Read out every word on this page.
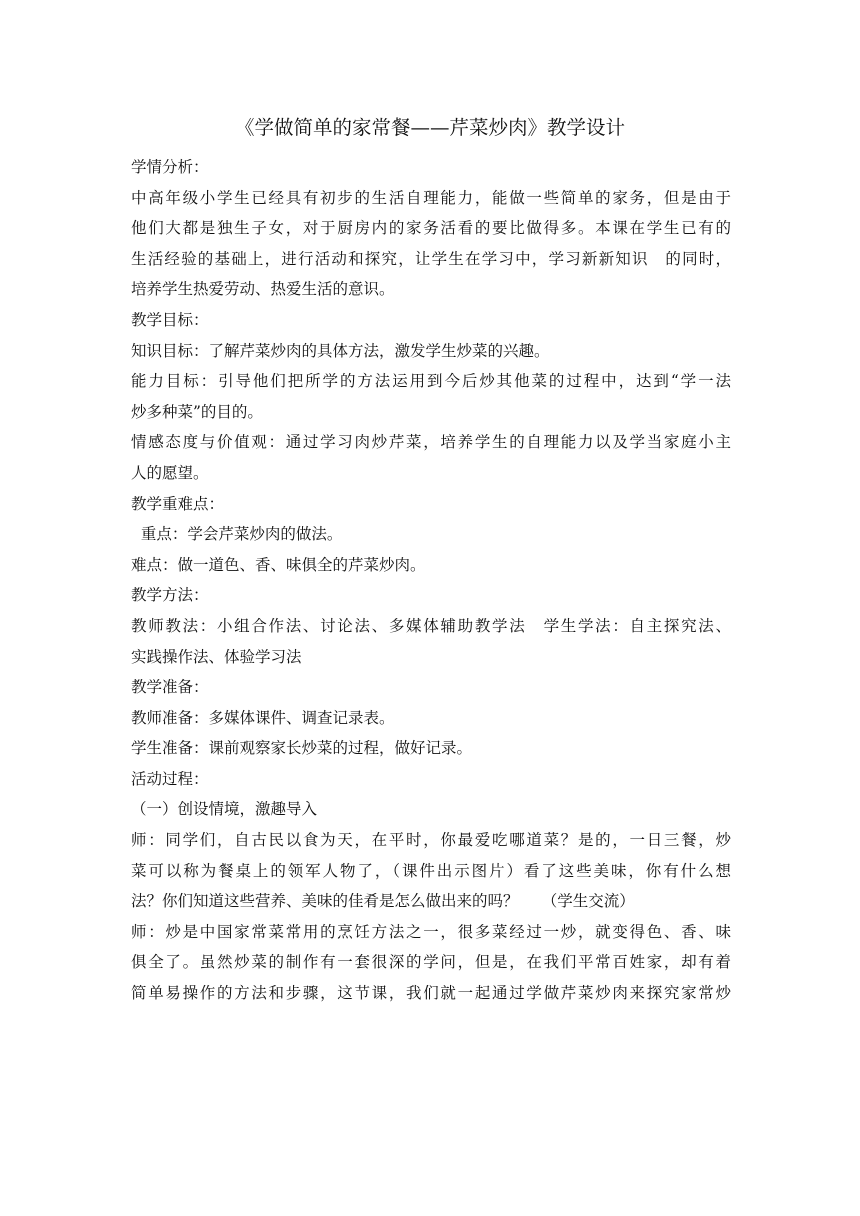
《学做简单的家常餐——芹菜炒肉》教学设计
学情分析：
中高年级小学生已经具有初步的生活自理能力，能做一些简单的家务，但是由于
他们大都是独生子女，对于厨房内的家务活看的要比做得多。本课在学生已有的
生活经验的基础上，进行活动和探究，让学生在学习中，学习新新知识　的同时，
培养学生热爱劳动、热爱生活的意识。
教学目标：
知识目标：了解芹菜炒肉的具体方法，激发学生炒菜的兴趣。
能力目标：引导他们把所学的方法运用到今后炒其他菜的过程中，达到“学一法
炒多种菜”的目的。
情感态度与价值观：通过学习肉炒芹菜，培养学生的自理能力以及学当家庭小主
人的愿望。
教学重难点：
重点：学会芹菜炒肉的做法。
难点：做一道色、香、味俱全的芹菜炒肉。
教学方法：
教师教法：小组合作法、讨论法、多媒体辅助教学法　学生学法：自主探究法、
实践操作法、体验学习法
教学准备：
教师准备：多媒体课件、调查记录表。
学生准备：课前观察家长炒菜的过程，做好记录。
活动过程：
（一）创设情境，激趣导入
师：同学们，自古民以食为天，在平时，你最爱吃哪道菜？是的，一日三餐，炒
菜可以称为餐桌上的领军人物了，（课件出示图片）看了这些美味，你有什么想
法？你们知道这些营养、美味的佳肴是怎么做出来的吗？　　（学生交流）
师：炒是中国家常菜常用的烹饪方法之一，很多菜经过一炒，就变得色、香、味
俱全了。虽然炒菜的制作有一套很深的学问，但是，在我们平常百姓家，却有着
简单易操作的方法和步骤，这节课，我们就一起通过学做芹菜炒肉来探究家常炒
